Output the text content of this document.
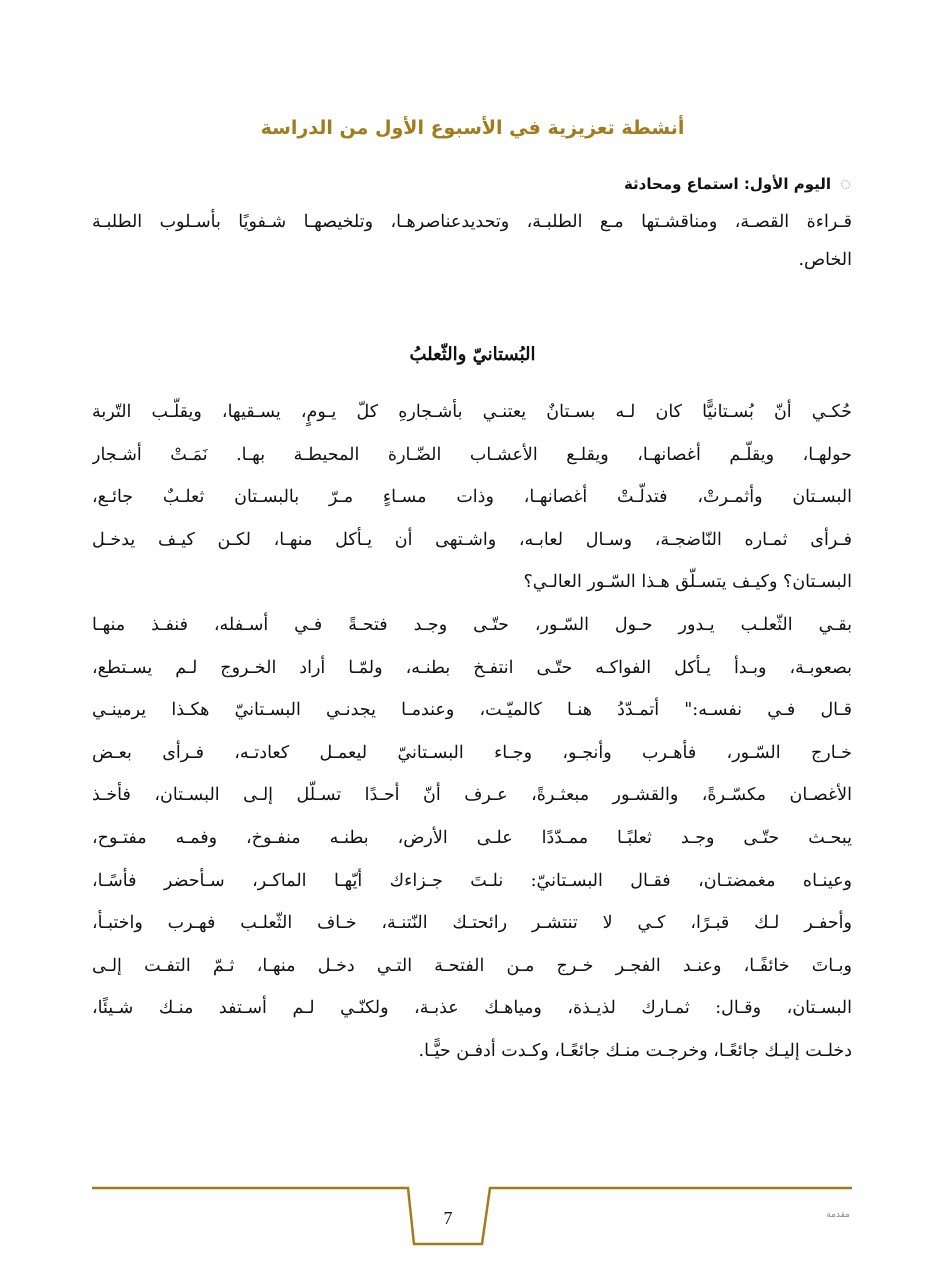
أنشطة تعزيزية في الأسبوع الأول من الدراسة
اليوم الأول: استماع ومحادثة
قـراءة القصـة، ومناقشـتها مـع الطلبـة، وتحديدعناصرهـا، وتلخيصهـا شـفويًا بأسـلوب الطلبـة
الخاص.
البُستانيّ والثّعلبُ
حُكـي أنّ بُسـتانيًّا كان لـه بسـتانٌ يعتنـي بأشـجارهِ كلّ يـومٍ، يسـقيها، ويقلّـب التّربة
حولهـا، ويقلّـم أغصانهـا، ويقلـع الأعشـاب الضّـارة المحيطـة بهـا. نَمَـتْ أشـجار
البسـتان وأثمـرتْ، فتدلّـتْ أغصانهـا، وذات مسـاءٍ مـرّ بالبسـتان ثعلـبٌ جائـع،
فـرأى ثمـاره النّاضجـة، وسـال لعابـه، واشـتهى أن يـأكل منهـا، لكـن كيـف يدخـل
البسـتان؟ وكيـف يتسـلّق هـذا السّـور العالـي؟
بقـي الثّعلـب يـدور حـول السّـور، حتّـى وجـد فتحـةً فـي أسـفله، فنفـذ منهـا
بصعوبـة، وبـدأ يـأكل الفواكـه حتّـى انتفـخ بطنـه، ولمّـا أراد الخـروج لـم يسـتطع،
قـال فـي نفسـه:" أتمـدّدُ هنـا كالميّـت، وعندمـا يجدنـي البسـتانيّ هكـذا يرمينـي
خـارج السّـور، فأهـرب وأنجـو، وجـاء البسـتانيّ ليعمـل كعادتـه، فـرأى بعـض
الأغصـان مكسّـرةً، والقشـور مبعثـرةً، عـرف أنّ أحـدًا تسـلّل إلـى البسـتان، فأخـذ
يبحـث حتّـى وجـد ثعلبًـا ممـدّدًا علـى الأرض، بطنـه منفـوخ، وفمـه مفتـوح،
وعينـاه مغمضتـان، فقـال البسـتانيّ: نلـتَ جـزاءك أيّهـا الماكـر، سـأحضر فأسًـا،
وأحفـر لـك قبـرًا، كـي لا تنتشـر رائحتـك النّتنـة، خـاف الثّعلـب فهـرب واختبـأ،
وبـاتَ خائفًـا، وعنـد الفجـر خـرج مـن الفتحـة التـي دخـل منهـا، ثـمّ التفـت إلـى
البسـتان، وقـال: ثمـارك لذيـذة، ومياهـك عذبـة، ولكنّـي لـم أسـتفد منـك شـيئًا،
دخلـت إليـك جائعًـا، وخرجـت منـك جائعًـا، وكـدت أدفـن حيًّـا.
7	مقدمة
